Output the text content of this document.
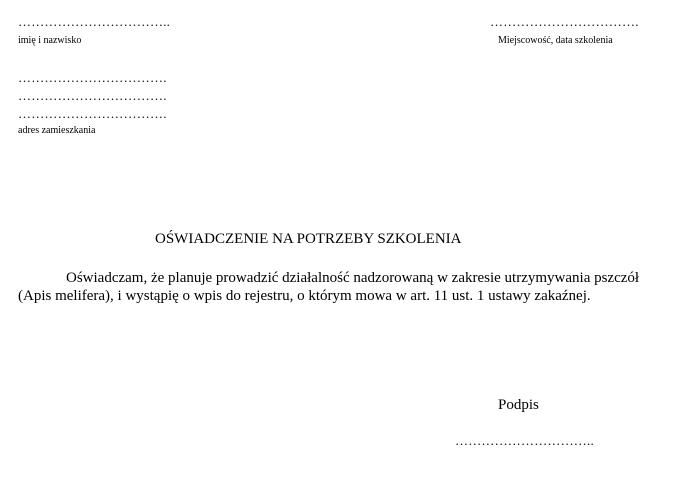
……………………………..
imię i nazwisko
…………………………….
Miejscowość, data szkolenia
…………………………….
…………………………….
…………………………….
adres zamieszkania
OŚWIADCZENIE NA POTRZEBY SZKOLENIA
Oświadczam, że planuje prowadzić działalność nadzorowaną w zakresie utrzymywania pszczół
(Apis melifera), i wystąpię o wpis do rejestru, o którym mowa w art. 11 ust. 1 ustawy zakaźnej.
Podpis
…………………………..
